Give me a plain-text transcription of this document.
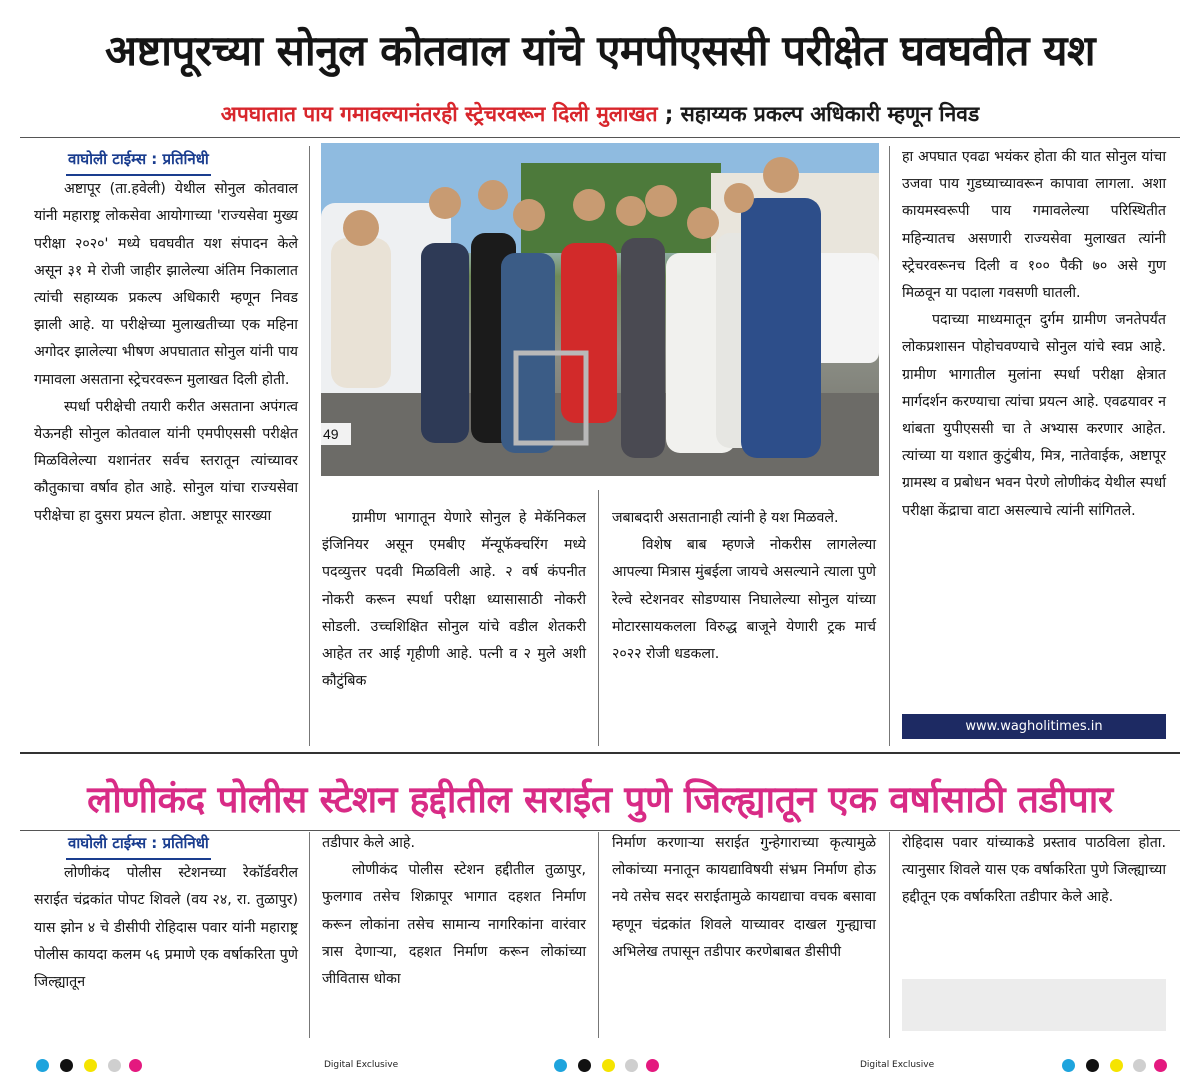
अष्टापूरच्या सोनुल कोतवाल यांचे एमपीएससी परीक्षेत घवघवीत यश
अपघातात पाय गमावल्यानंतरही स्ट्रेचरवरून दिली मुलाखत ; सहाय्यक प्रकल्प अधिकारी म्हणून निवड
वाघोली टाईम्स : प्रतिनिधी

अष्टापूर (ता.हवेली) येथील सोनुल कोतवाल यांनी महाराष्ट्र लोकसेवा आयोगाच्या 'राज्यसेवा मुख्य परीक्षा २०२०' मध्ये घवघवीत यश संपादन केले असून ३१ मे रोजी जाहीर झालेल्या अंतिम निकालात त्यांची सहाय्यक प्रकल्प अधिकारी म्हणून निवड झाली आहे. या परीक्षेच्या मुलाखतीच्या एक महिना अगोदर झालेल्या भीषण अपघातात सोनुल यांनी पाय गमावला असताना स्ट्रेचरवरून मुलाखत दिली होती.

स्पर्धा परीक्षेची तयारी करीत असताना अपंगत्व येऊनही सोनुल कोतवाल यांनी एमपीएससी परीक्षेत मिळविलेल्या यशानंतर सर्वच स्तरातून त्यांच्यावर कौतुकाचा वर्षाव होत आहे. सोनुल यांचा राज्यसेवा परीक्षेचा हा दुसरा प्रयत्न होता. अष्टापूर सारख्या

49

ग्रामीण भागातून येणारे सोनुल हे मेकॅनिकल इंजिनियर असून एमबीए मॅन्यूफॅक्चरिंग मध्ये पदव्युत्तर पदवी मिळविली आहे. २ वर्ष कंपनीत नोकरी करून स्पर्धा परीक्षा ध्यासासाठी नोकरी सोडली. उच्चशिक्षित सोनुल यांचे वडील शेतकरी आहेत तर आई गृहीणी आहे. पत्नी व २ मुले अशी कौटुंबिक

जबाबदारी असतानाही त्यांनी हे यश मिळवले.

विशेष बाब म्हणजे नोकरीस लागलेल्या आपल्या मित्रास मुंबईला जायचे असल्याने त्याला पुणे रेल्वे स्टेशनवर सोडण्यास निघालेल्या सोनुल यांच्या मोटारसायकलला विरुद्ध बाजूने येणारी ट्रक मार्च २०२२ रोजी धडकला.

हा अपघात एवढा भयंकर होता की यात सोनुल यांचा उजवा पाय गुडघ्याच्यावरून कापावा लागला. अशा कायमस्वरूपी पाय गमावलेल्या परिस्थितीत महिन्यातच असणारी राज्यसेवा मुलाखत त्यांनी स्ट्रेचरवरूनच दिली व १०० पैकी ७० असे गुण मिळवून या पदाला गवसणी घातली.

पदाच्या माध्यमातून दुर्गम ग्रामीण जनतेपर्यंत लोकप्रशासन पोहोचवण्याचे सोनुल यांचे स्वप्न आहे. ग्रामीण भागातील मुलांना स्पर्धा परीक्षा क्षेत्रात मार्गदर्शन करण्याचा त्यांचा प्रयत्न आहे. एवढयावर न थांबता युपीएससी चा ते अभ्यास करणार आहेत. त्यांच्या या यशात कुटुंबीय, मित्र, नातेवाईक, अष्टापूर ग्रामस्थ व प्रबोधन भवन पेरणे लोणीकंद येथील स्पर्धा परीक्षा केंद्राचा वाटा असल्याचे त्यांनी सांगितले.

www.wagholitimes.in
लोणीकंद पोलीस स्टेशन हद्दीतील सराईत पुणे जिल्ह्यातून एक वर्षासाठी तडीपार
वाघोली टाईम्स : प्रतिनिधी

लोणीकंद पोलीस स्टेशनच्या रेकॉर्डवरील सराईत चंद्रकांत पोपट शिवले (वय २४, रा. तुळापुर) यास झोन ४ चे डीसीपी रोहिदास पवार यांनी महाराष्ट्र पोलीस कायदा कलम ५६ प्रमाणे एक वर्षाकरिता पुणे जिल्ह्यातून

तडीपार केले आहे.

लोणीकंद पोलीस स्टेशन हद्दीतील तुळापुर, फुलगाव तसेच शिक्रापूर भागात दहशत निर्माण करून लोकांना तसेच सामान्य नागरिकांना वारंवार त्रास देणाऱ्या, दहशत निर्माण करून लोकांच्या जीवितास धोका

निर्माण करणाऱ्या सराईत गुन्हेगाराच्या कृत्यामुळे लोकांच्या मनातून कायद्याविषयी संभ्रम निर्माण होऊ नये तसेच सदर सराईतामुळे कायद्याचा वचक बसावा म्हणून चंद्रकांत शिवले याच्यावर दाखल गुन्ह्याचा अभिलेख तपासून तडीपार करणेबाबत डीसीपी

रोहिदास पवार यांच्याकडे प्रस्ताव पाठविला होता. त्यानुसार शिवले यास एक वर्षाकरिता पुणे जिल्ह्याच्या हद्दीतून एक वर्षाकरिता तडीपार केले आहे.

Digital Exclusive	Digital Exclusive
